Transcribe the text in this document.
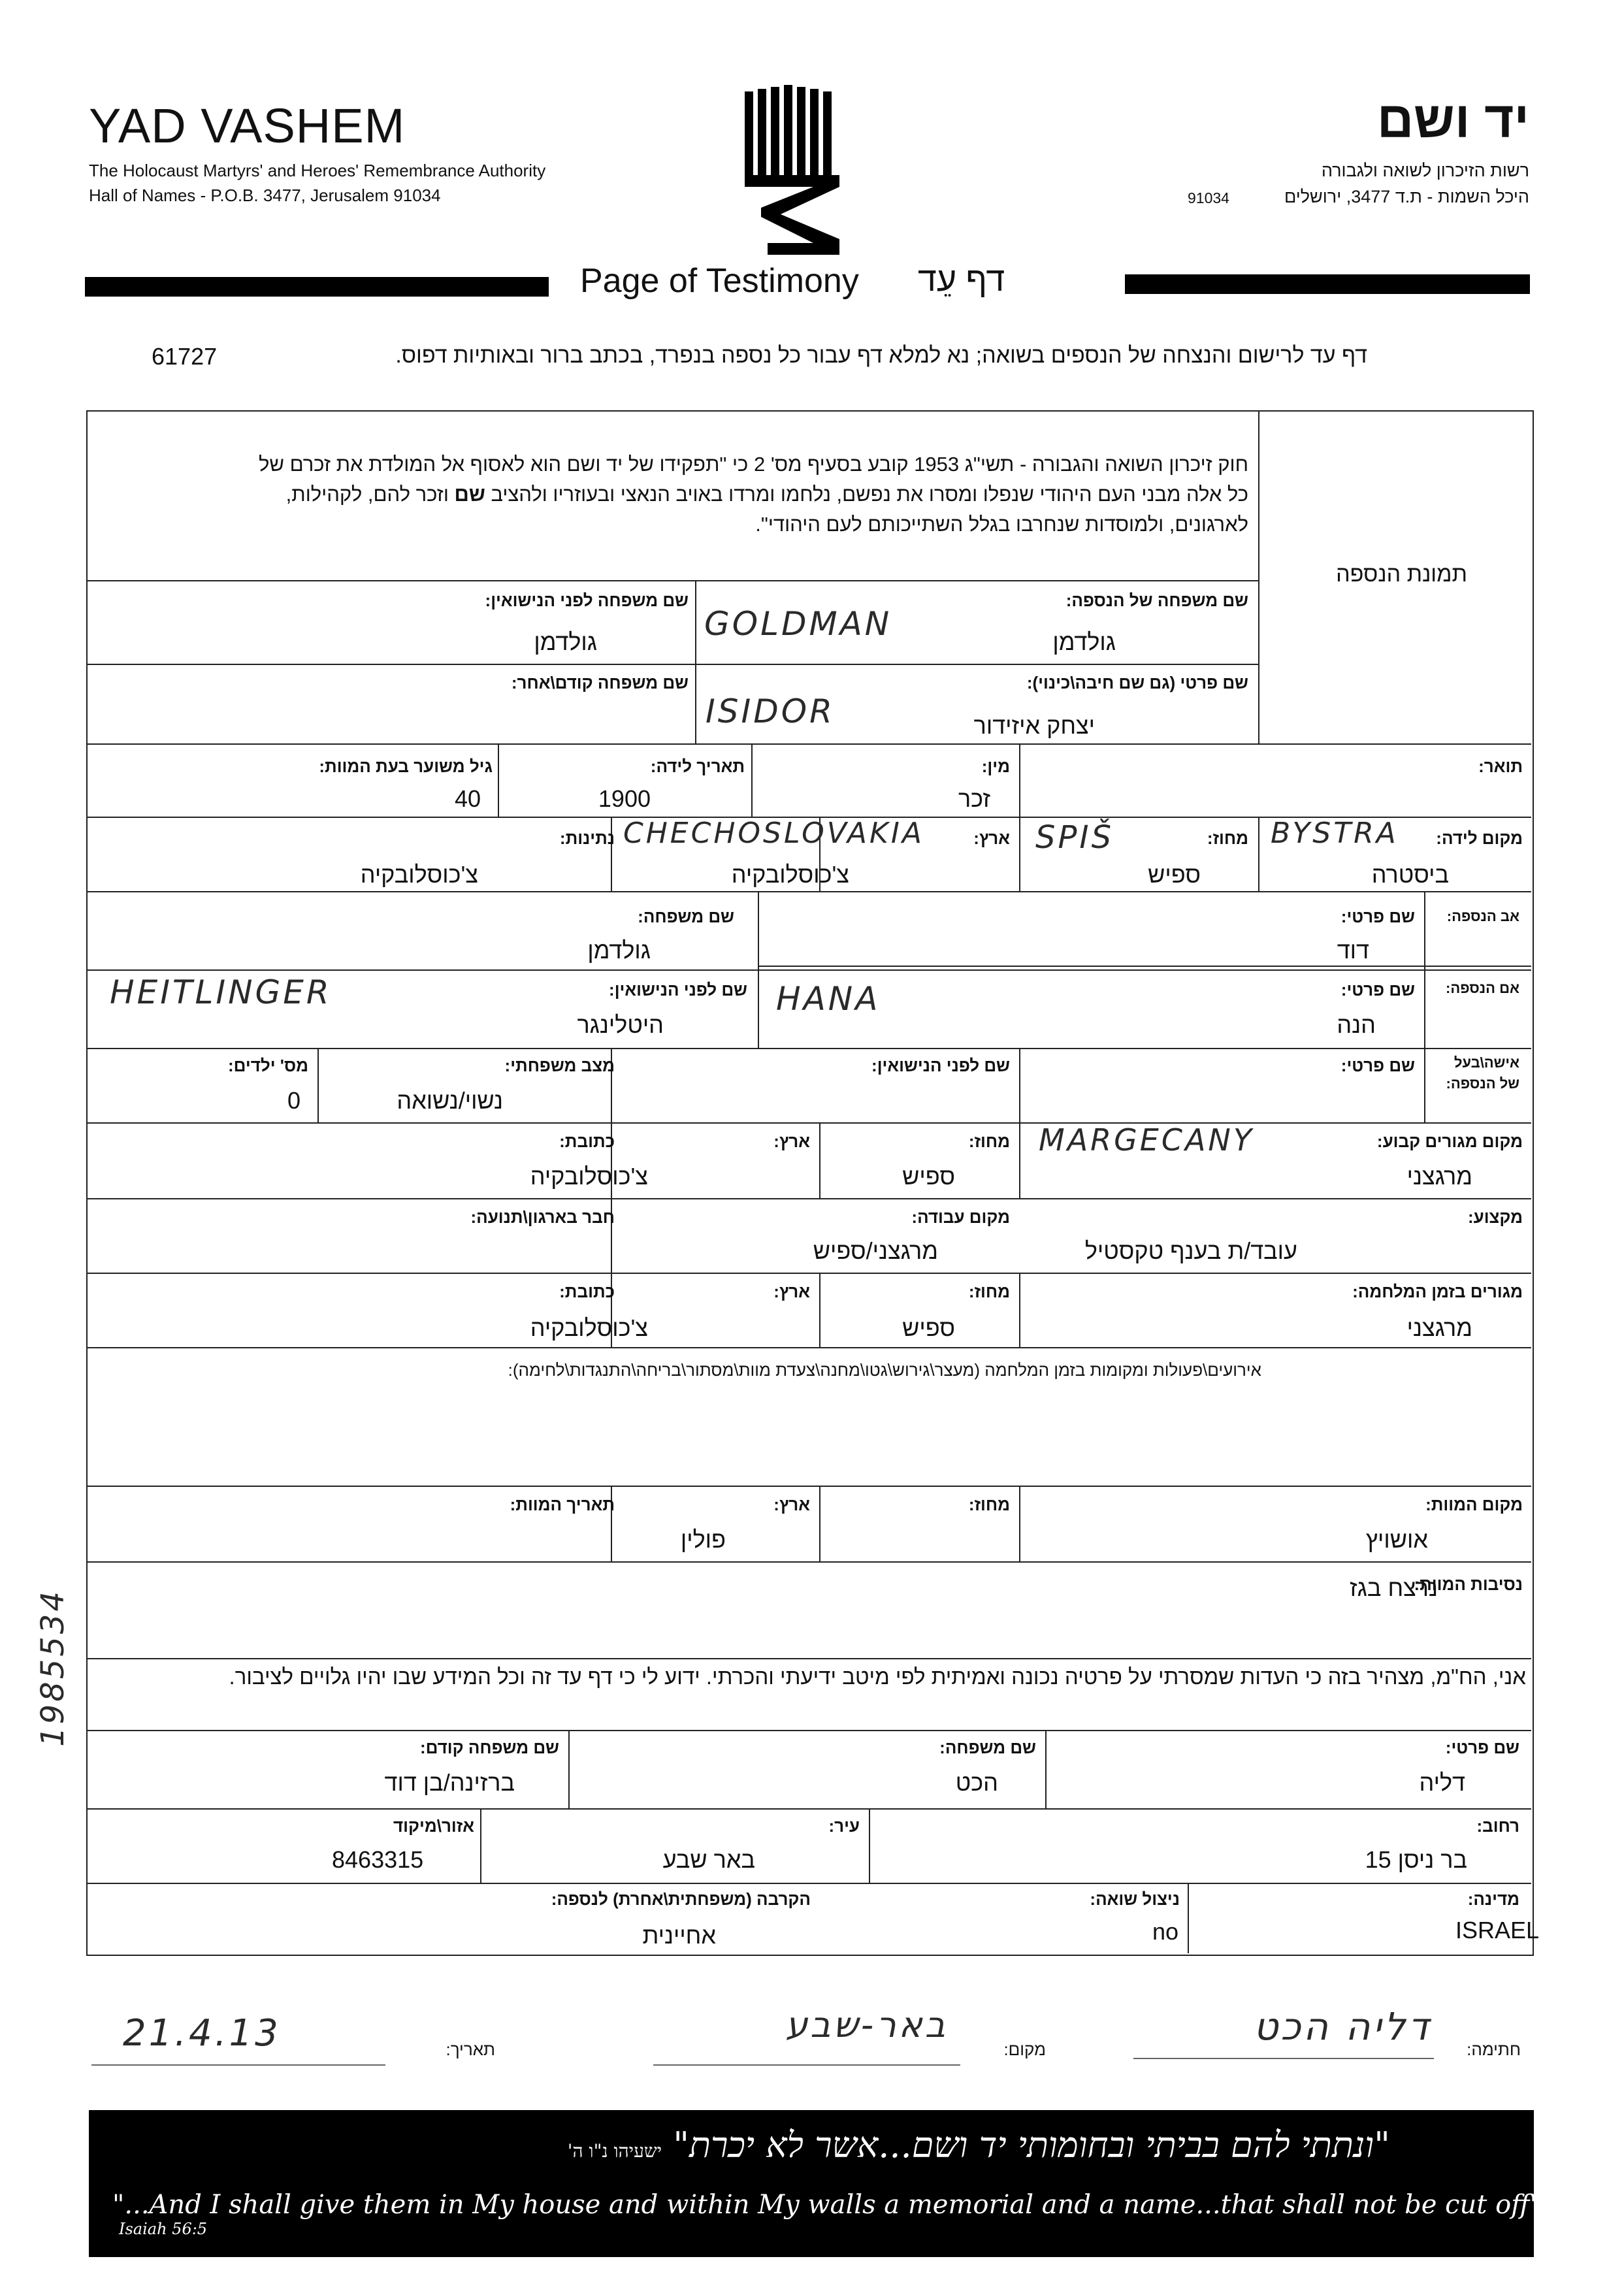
YAD VASHEM
The Holocaust Martyrs' and Heroes' Remembrance Authority
Hall of Names - P.O.B. 3477, Jerusalem 91034
יד ושם
רשות הזיכרון לשואה ולגבורה
היכל השמות - ת.ד 3477, ירושלים
91034
Page of Testimony דף עֵד
דף עד לרישום והנצחה של הנספים בשואה; נא למלא דף עבור כל נספה בנפרד, בכתב ברור ובאותיות דפוס.
61727
חוק זיכרון השואה והגבורה - תשי"ג 1953 קובע בסעיף מס' 2 כי "תפקידו של יד ושם הוא לאסוף אל המולדת את זכרם של
כל אלה מבני העם היהודי שנפלו ומסרו את נפשם, נלחמו ומרדו באויב הנאצי ובעוזריו ולהציב שם וזכר להם, לקהילות,
לארגונים, ולמוסדות שנחרבו בגלל השתייכותם לעם היהודי".
תמונת הנספה
שם משפחה של הנספה:
גולדמן
GOLDMAN
שם משפחה לפני הנישואין:
גולדמן
שם פרטי (גם שם חיבה\כינוי):
יצחק איזידור
ISIDOR
שם משפחה קודם\אחר:
תואר:
מין:
זכר
תאריך לידה:
1900
גיל משוער בעת המוות:
40
מקום לידה:
ביסטרה
BYSTRA
מחוז:
ספיש
SPIŠ
ארץ:
צ'כוסלובקיה
CHECHOSLOVAKIA
נתינות:
צ'כוסלובקיה
אב הנספה:
שם פרטי:
דוד
שם משפחה:
גולדמן
אם הנספה:
שם פרטי:
הנה
HANA
שם לפני הנישואין:
היטלינגר
HEITLINGER
אישה\בעל
של הנספה:
שם פרטי:
שם לפני הנישואין:
מצב משפחתי:
נשוי/נשואה
מס' ילדים:
0
מקום מגורים קבוע:
מרגצני
MARGECANY
מחוז:
ספיש
ארץ:
כתובת:
צ'כוסלובקיה
מקצוע:
עובד/ת בענף טקסטיל
מקום עבודה:
מרגצני/ספיש
חבר בארגון\תנועה:
מגורים בזמן המלחמה:
מרגצני
מחוז:
ספיש
ארץ:
כתובת:
צ'כוסלובקיה
אירועים\פעולות ומקומות בזמן המלחמה (מעצר\גירוש\גטו\מחנה\צעדת מוות\מסתור\בריחה\התנגדות\לחימה):
מקום המוות:
אושויץ
מחוז:
ארץ:
פולין
תאריך המוות:
נסיבות המוות:
נרצח בגז
אני, הח"מ, מצהיר בזה כי העדות שמסרתי על פרטיה נכונה ואמיתית לפי מיטב ידיעתי והכרתי. ידוע לי כי דף עד זה וכל המידע שבו יהיו גלויים לציבור.
שם פרטי:
דליה
שם משפחה:
הכט
שם משפחה קודם:
ברזינה/בן דוד
רחוב:
בר ניסן 15
עיר:
באר שבע
אזור\מיקוד
8463315
מדינה:
ISRAEL
ניצול שואה:
no
הקרבה (משפחתית\אחרת) לנספה:
אחיינית
חתימה:
דליה הכט
מקום:
באר-שבע
תאריך:
21.4.13
1985534
"ונתתי להם בביתי ובחומותי יד ושם...אשר לא יכרת" ישעיהו נ"ו ה'
"...And I shall give them in My house and within My walls a memorial and a name...that shall not be cut off" Isaiah 56:5
